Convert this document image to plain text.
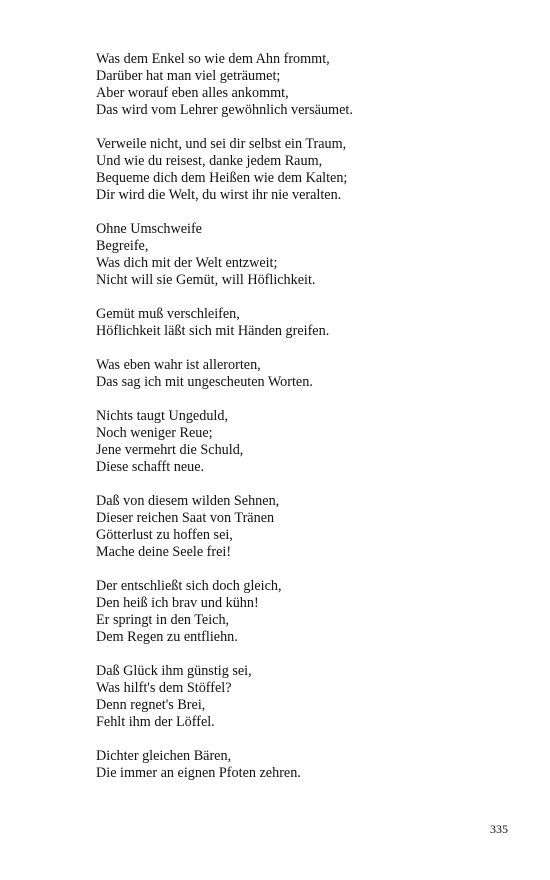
Was dem Enkel so wie dem Ahn frommt,
Darüber hat man viel geträumet;
Aber worauf eben alles ankommt,
Das wird vom Lehrer gewöhnlich versäumet.
Verweile nicht, und sei dir selbst ein Traum,
Und wie du reisest, danke jedem Raum,
Bequeme dich dem Heißen wie dem Kalten;
Dir wird die Welt, du wirst ihr nie veralten.
Ohne Umschweife
Begreife,
Was dich mit der Welt entzweit;
Nicht will sie Gemüt, will Höflichkeit.
Gemüt muß verschleifen,
Höflichkeit läßt sich mit Händen greifen.
Was eben wahr ist allerorten,
Das sag ich mit ungescheuten Worten.
Nichts taugt Ungeduld,
Noch weniger Reue;
Jene vermehrt die Schuld,
Diese schafft neue.
Daß von diesem wilden Sehnen,
Dieser reichen Saat von Tränen
Götterlust zu hoffen sei,
Mache deine Seele frei!
Der entschließt sich doch gleich,
Den heiß ich brav und kühn!
Er springt in den Teich,
Dem Regen zu entfliehn.
Daß Glück ihm günstig sei,
Was hilft's dem Stöffel?
Denn regnet's Brei,
Fehlt ihm der Löffel.
Dichter gleichen Bären,
Die immer an eignen Pfoten zehren.
335
